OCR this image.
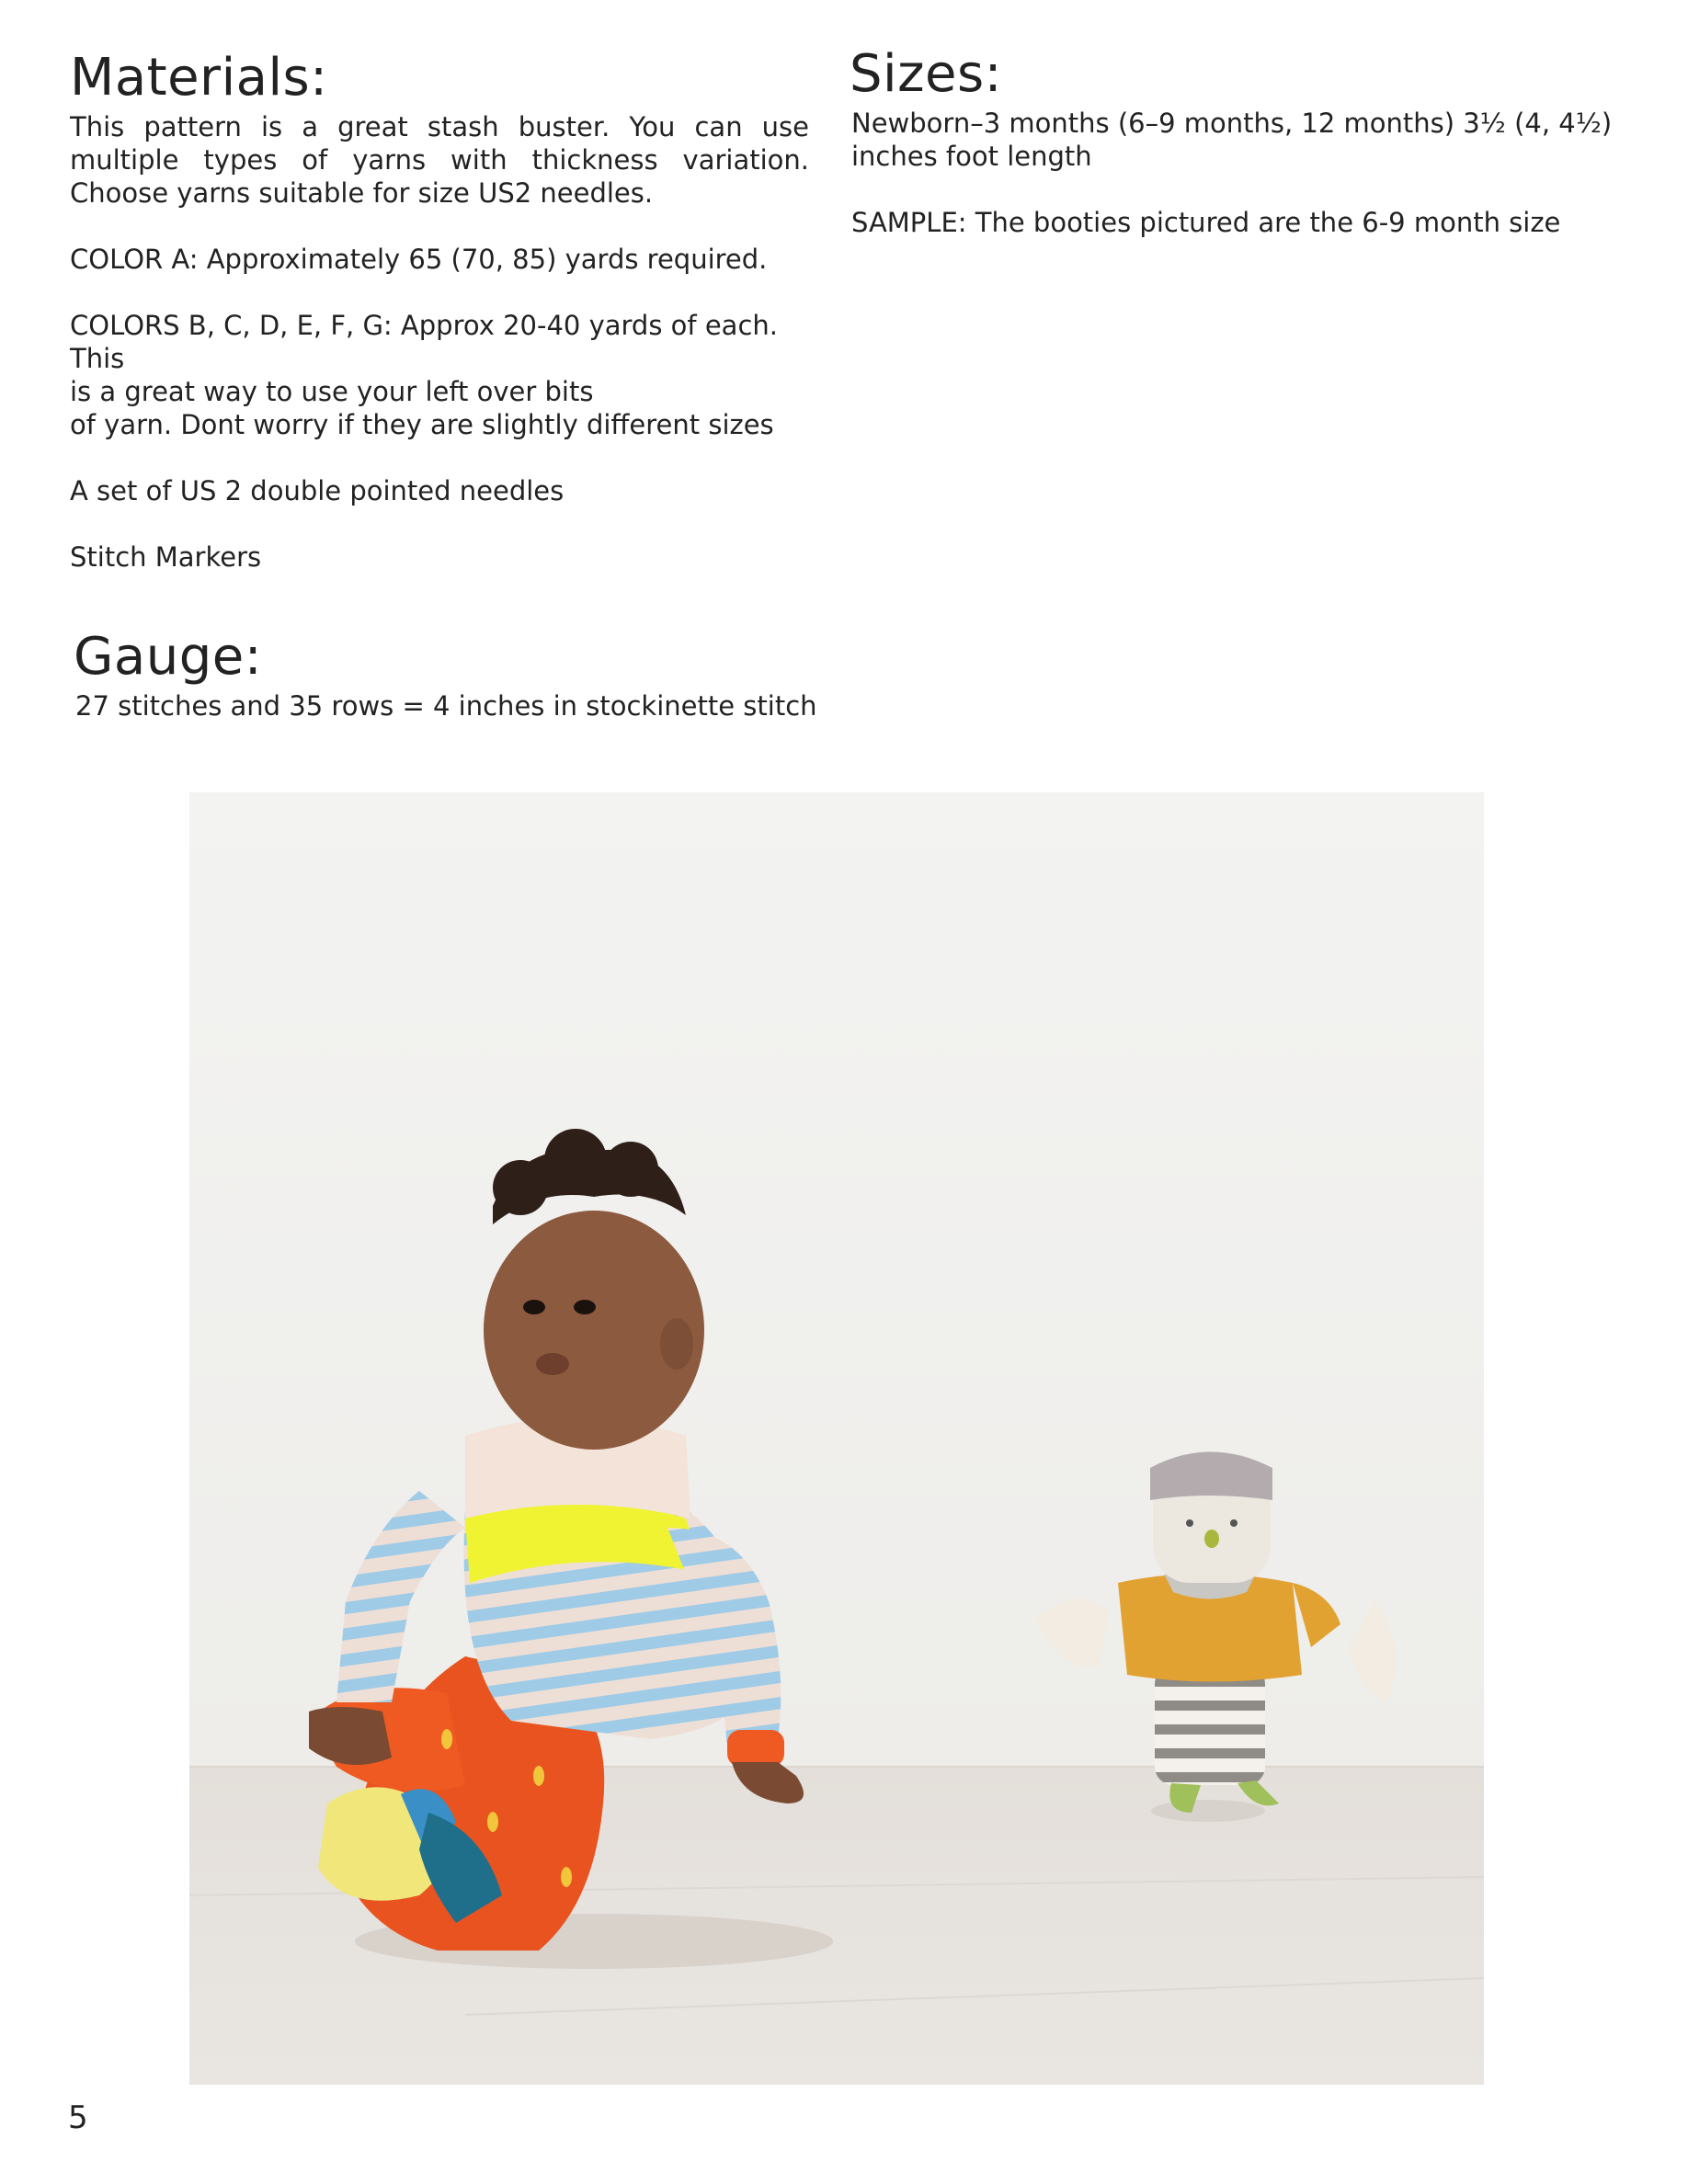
Materials:

This pattern is a great stash buster. You can use multiple types of yarns with thickness variation. Choose yarns suitable for size US2 needles.

COLOR A: Approximately 65 (70, 85) yards required.

COLORS B, C, D, E, F, G: Approx 20-40 yards of each. This

is a great way to use your left over bits

of yarn. Dont worry if they are slightly different sizes

A set of US 2 double pointed needles

Stitch Markers

Sizes:

Newborn–3 months (6–9 months, 12 months) 3½ (4, 4½)

inches foot length

SAMPLE: The booties pictured are the 6-9 month size

Gauge:

27 stitches and 35 rows = 4 inches in stockinette stitch

5
